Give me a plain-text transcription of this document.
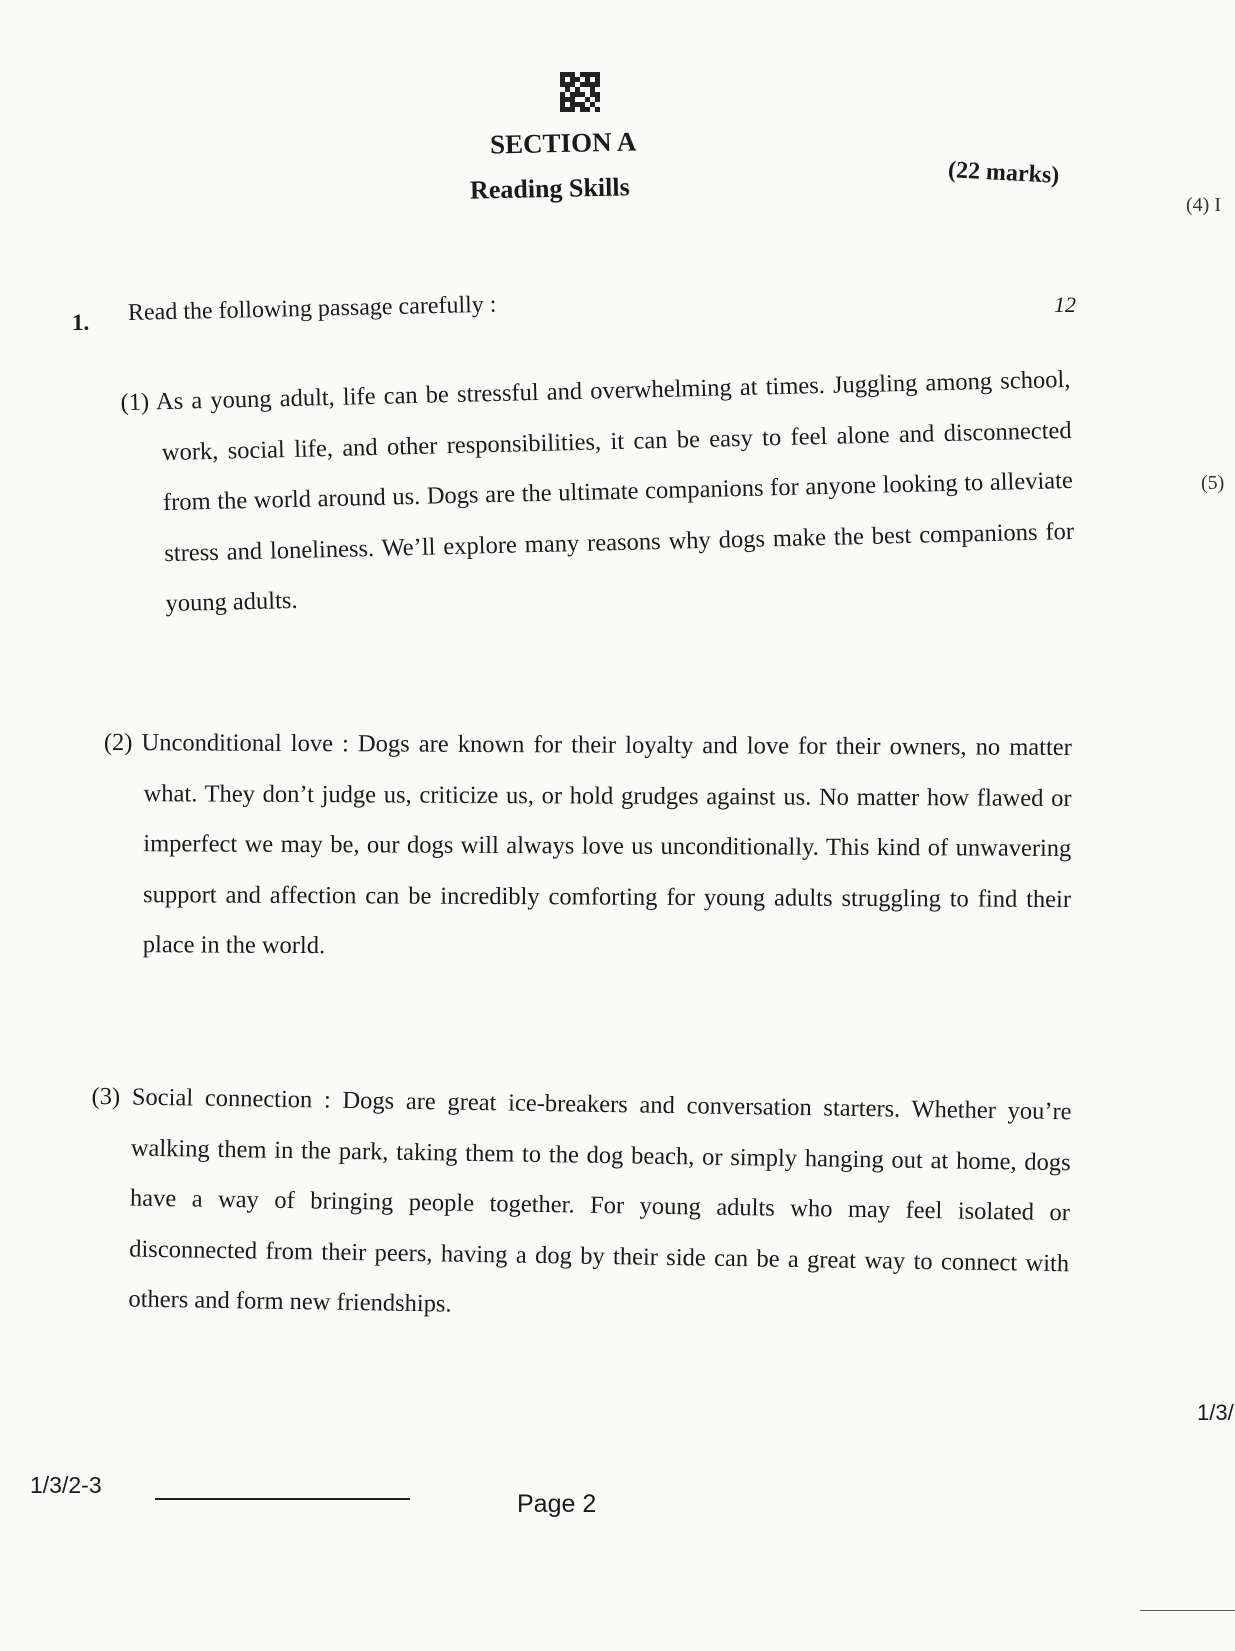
SECTION A
Reading Skills	(22 marks)
1. Read the following passage carefully :	12
(1) As a young adult, life can be stressful and overwhelming at times. Juggling among school, work, social life, and other responsibilities, it can be easy to feel alone and disconnected from the world around us. Dogs are the ultimate companions for anyone looking to alleviate stress and loneliness. We’ll explore many reasons why dogs make the best companions for young adults.
(2) Unconditional love : Dogs are known for their loyalty and love for their owners, no matter what. They don’t judge us, criticize us, or hold grudges against us. No matter how flawed or imperfect we may be, our dogs will always love us unconditionally. This kind of unwavering support and affection can be incredibly comforting for young adults struggling to find their place in the world.
(3) Social connection : Dogs are great ice-breakers and conversation starters. Whether you’re walking them in the park, taking them to the dog beach, or simply hanging out at home, dogs have a way of bringing people together. For young adults who may feel isolated or disconnected from their peers, having a dog by their side can be a great way to connect with others and form new friendships.
(4) I
(5)
1/3/
1/3/2-3
Page 2
